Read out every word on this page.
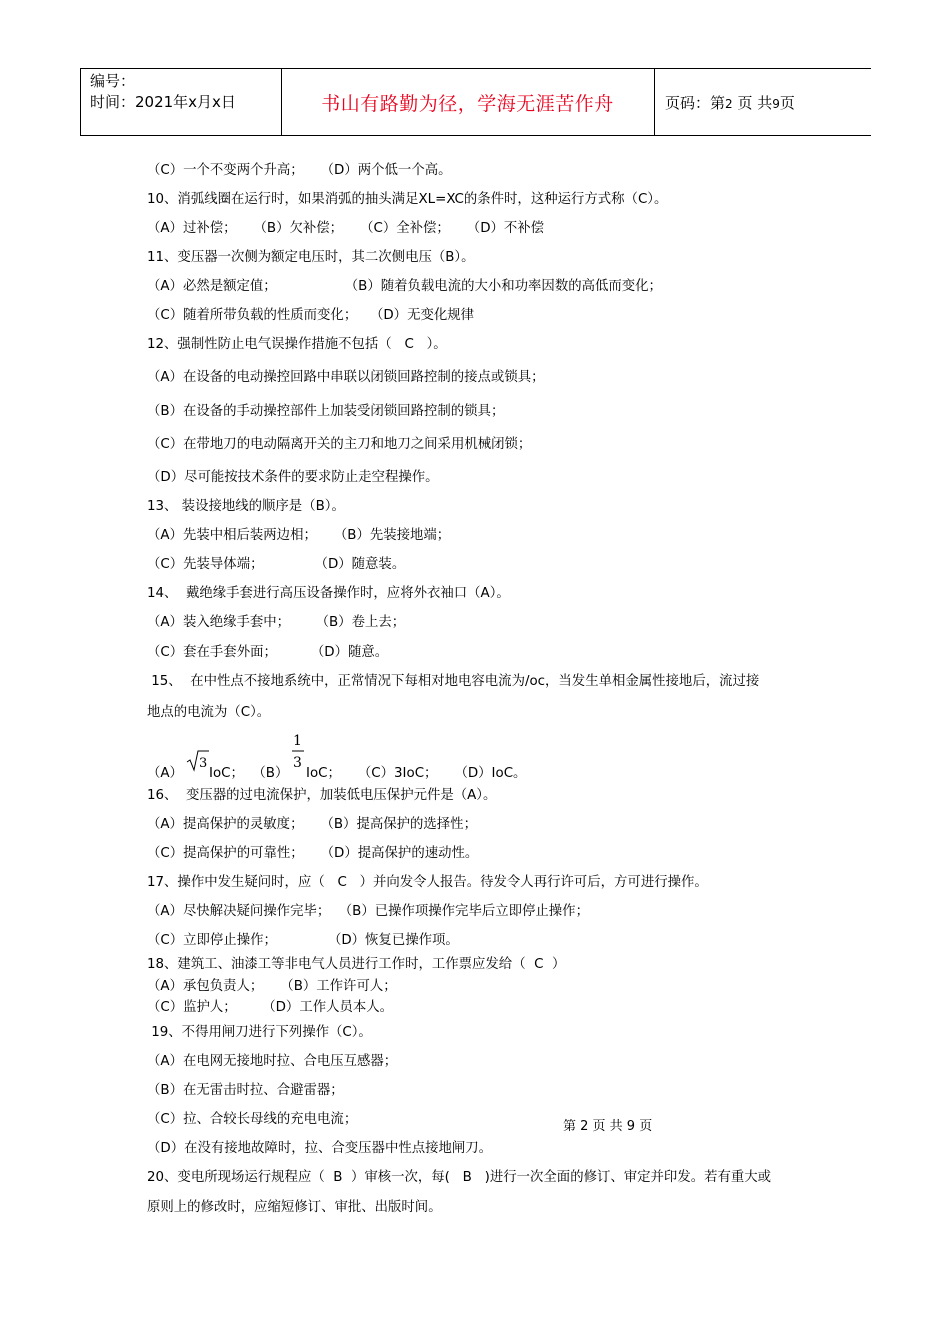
编号：
时间：2021年x月x日	书山有路勤为径，学海无涯苦作舟	页码：第2 页 共9页
（C）一个不变两个升高；    （D）两个低一个高。
10、消弧线圈在运行时，如果消弧的抽头满足XL=XC的条件时，这种运行方式称（C）。
（A）过补偿；    （B）欠补偿；    （C）全补偿；    （D）不补偿
11、变压器一次侧为额定电压时，其二次侧电压（B）。
（A）必然是额定值；                （B）随着负载电流的大小和功率因数的高低而变化；
（C）随着所带负载的性质而变化；   （D）无变化规律
12、强制性防止电气误操作措施不包括（   C   ）。
（A）在设备的电动操控回路中串联以闭锁回路控制的接点或锁具；
（B）在设备的手动操控部件上加装受闭锁回路控制的锁具；
（C）在带地刀的电动隔离开关的主刀和地刀之间采用机械闭锁；
（D）尽可能按技术条件的要求防止走空程操作。
13、 装设接地线的顺序是（B）。
（A）先装中相后装两边相；    （B）先装接地端；
（C）先装导体端；            （D）随意装。
14、  戴绝缘手套进行高压设备操作时，应将外衣袖口（A）。
（A）装入绝缘手套中；      （B）卷上去；
（C）套在手套外面；        （D）随意。
15、  在中性点不接地系统中，正常情况下每相对地电容电流为/oc，当发生单相金属性接地后，流过接
地点的电流为（C）。
（A）
3
IoC；  （B）
1
3
IoC；    （C）3IoC；    （D）IoC。
16、  变压器的过电流保护，加装低电压保护元件是（A）。
（A）提高保护的灵敏度；    （B）提高保护的选择性；
（C）提高保护的可靠性；    （D）提高保护的速动性。
17、操作中发生疑问时，应（   C   ）并向发令人报告。待发令人再行许可后，方可进行操作。
（A）尽快解决疑问操作完毕；  （B）已操作项操作完毕后立即停止操作；
（C）立即停止操作；            （D）恢复已操作项。
18、建筑工、油漆工等非电气人员进行工作时，工作票应发给（  C  ）
（A）承包负责人；    （B）工作许可人；
（C）监护人；      （D）工作人员本人。
19、不得用闸刀进行下列操作（C）。
（A）在电网无接地时拉、合电压互感器；
（B）在无雷击时拉、合避雷器；
（C）拉、合较长母线的充电电流；
（D）在没有接地故障时，拉、合变压器中性点接地闸刀。
20、变电所现场运行规程应（  B  ）审核一次，每(   B   )进行一次全面的修订、审定并印发。若有重大或
原则上的修改时，应缩短修订、审批、出版时间。
第 2 页 共 9 页
